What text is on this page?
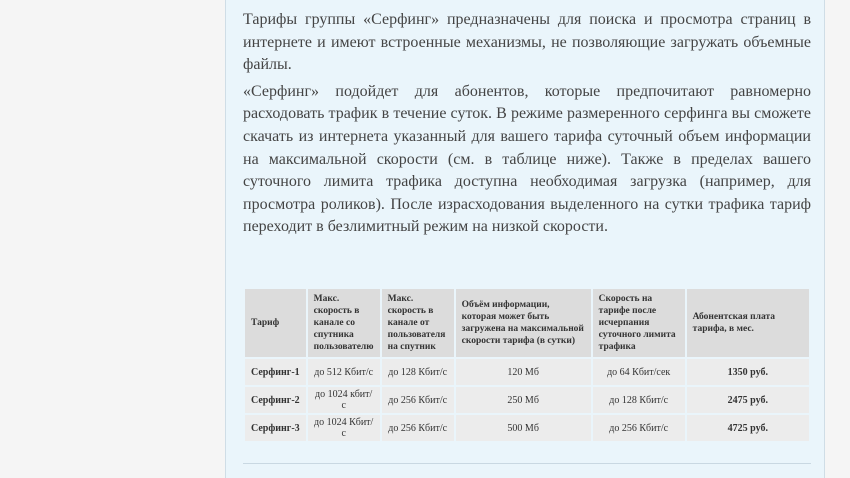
Тарифы группы «Серфинг» предназначены для поиска и просмотра страниц в интернете и имеют встроенные механизмы, не позволяющие загружать объемные файлы.

«Серфинг» подойдет для абонентов, которые предпочитают равномерно расходовать трафик в течение суток. В режиме размеренного серфинга вы сможете скачать из интернета указанный для вашего тарифа суточный объем информации на максимальной скорости (см. в таблице ниже). Также в пределах вашего суточного лимита трафика доступна необходимая загрузка (например, для просмотра роликов). После израсходования выделенного на сутки трафика тариф переходит в безлимитный режим на низкой скорости.

Тариф	Макс. скорость в канале со спутника пользователю	Макс. скорость в канале от пользователя на спутник	Объём информации, которая может быть загружена на максимальной скорости тарифа (в сутки)	Скорость на тарифе после исчерпания суточного лимита трафика	Абонентская плата тарифа, в мес.
Серфинг-1	до 512 Кбит/с	до 128 Кбит/с	120 Мб	до 64 Кбит/сек	1350 руб.
Серфинг-2	до 1024 кбит/с	до 256 Кбит/с	250 Мб	до 128 Кбит/с	2475 руб.
Серфинг-3	до 1024 Кбит/с	до 256 Кбит/с	500 Мб	до 256 Кбит/с	4725 руб.
